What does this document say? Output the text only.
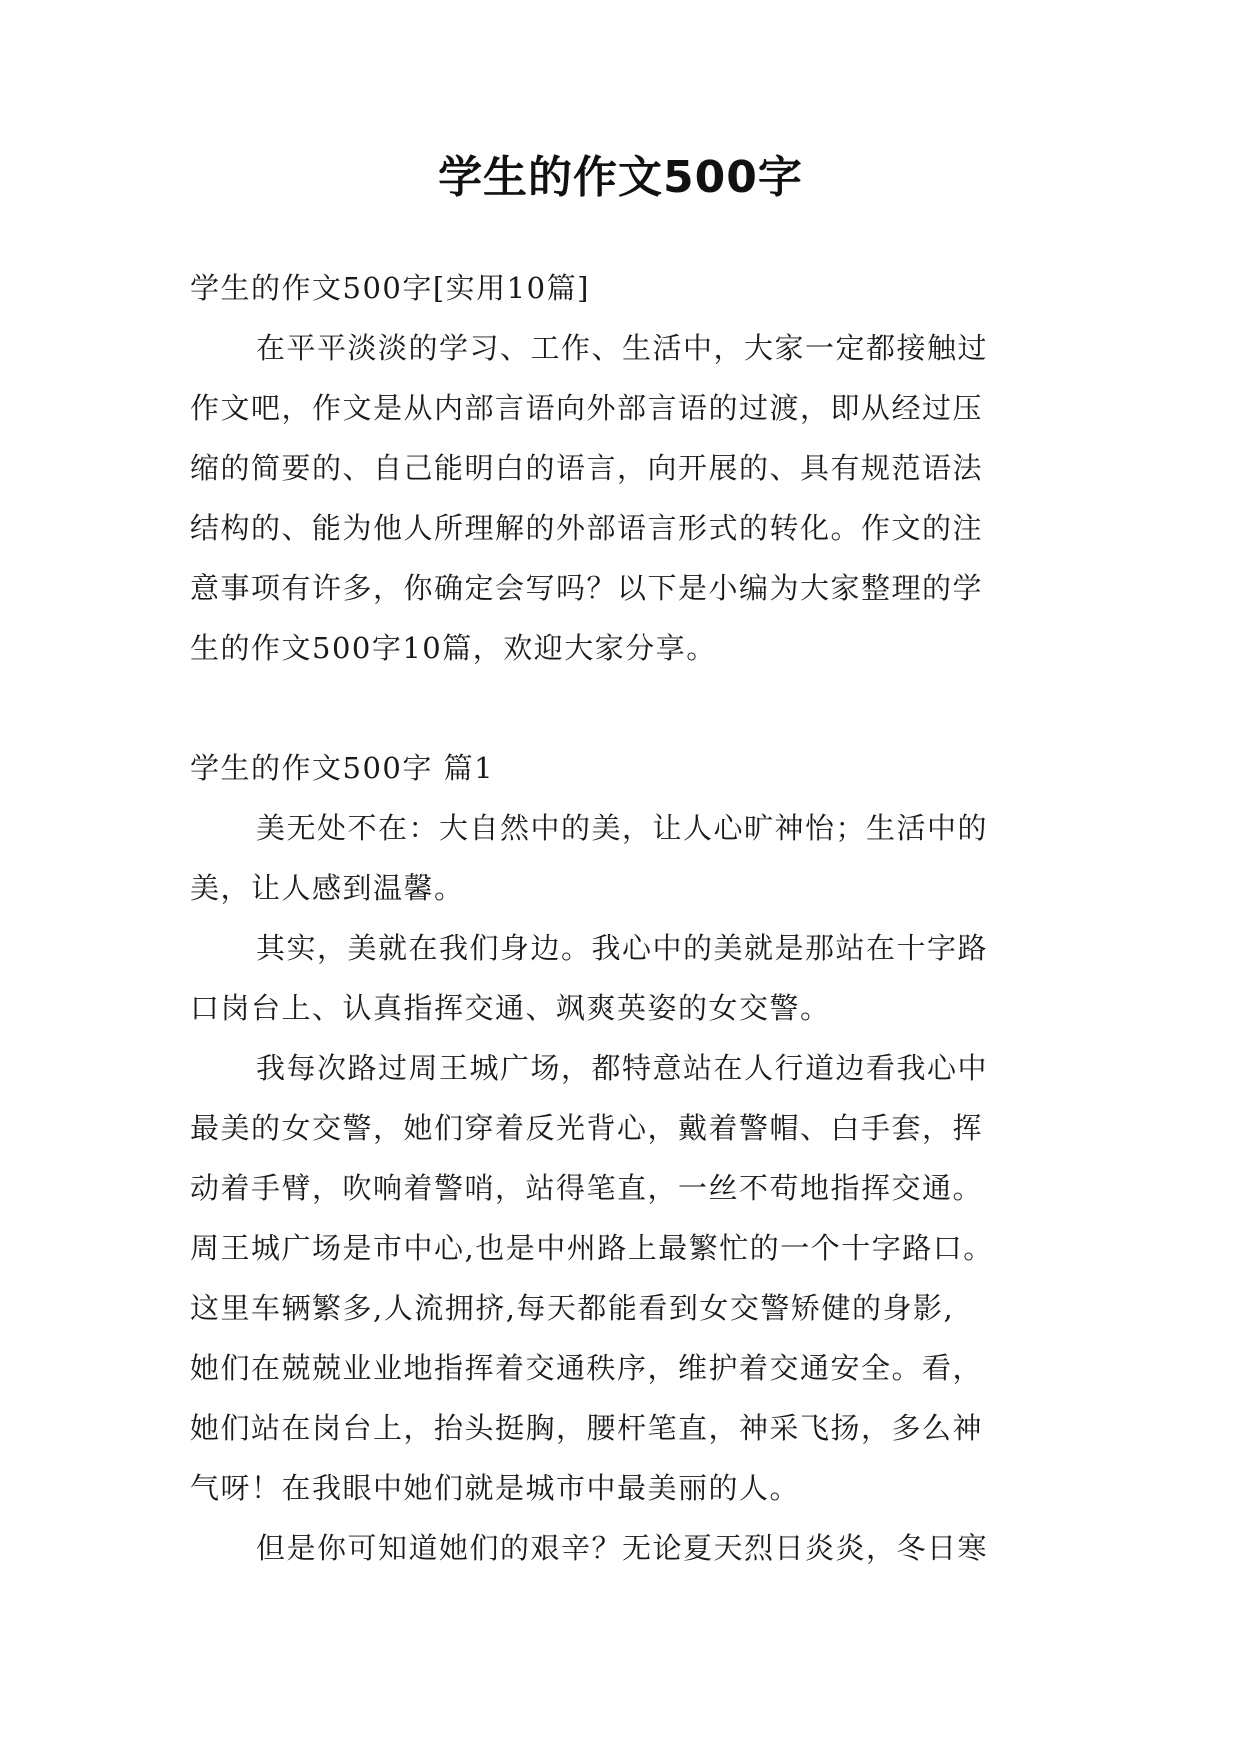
学生的作文500字
学生的作文500字[实用10篇]
在平平淡淡的学习、工作、生活中，大家一定都接触过
作文吧，作文是从内部言语向外部言语的过渡，即从经过压
缩的简要的、自己能明白的语言，向开展的、具有规范语法
结构的、能为他人所理解的外部语言形式的转化。作文的注
意事项有许多，你确定会写吗？以下是小编为大家整理的学
生的作文500字10篇，欢迎大家分享。
学生的作文500字 篇1
美无处不在：大自然中的美，让人心旷神怡；生活中的
美，让人感到温馨。
其实，美就在我们身边。我心中的美就是那站在十字路
口岗台上、认真指挥交通、飒爽英姿的女交警。
我每次路过周王城广场，都特意站在人行道边看我心中
最美的女交警，她们穿着反光背心，戴着警帽、白手套，挥
动着手臂，吹响着警哨，站得笔直，一丝不苟地指挥交通。
周王城广场是市中心,也是中州路上最繁忙的一个十字路口。
这里车辆繁多,人流拥挤,每天都能看到女交警矫健的身影,
她们在兢兢业业地指挥着交通秩序，维护着交通安全。看，
她们站在岗台上，抬头挺胸，腰杆笔直，神采飞扬，多么神
气呀！在我眼中她们就是城市中最美丽的人。
但是你可知道她们的艰辛？无论夏天烈日炎炎，冬日寒
